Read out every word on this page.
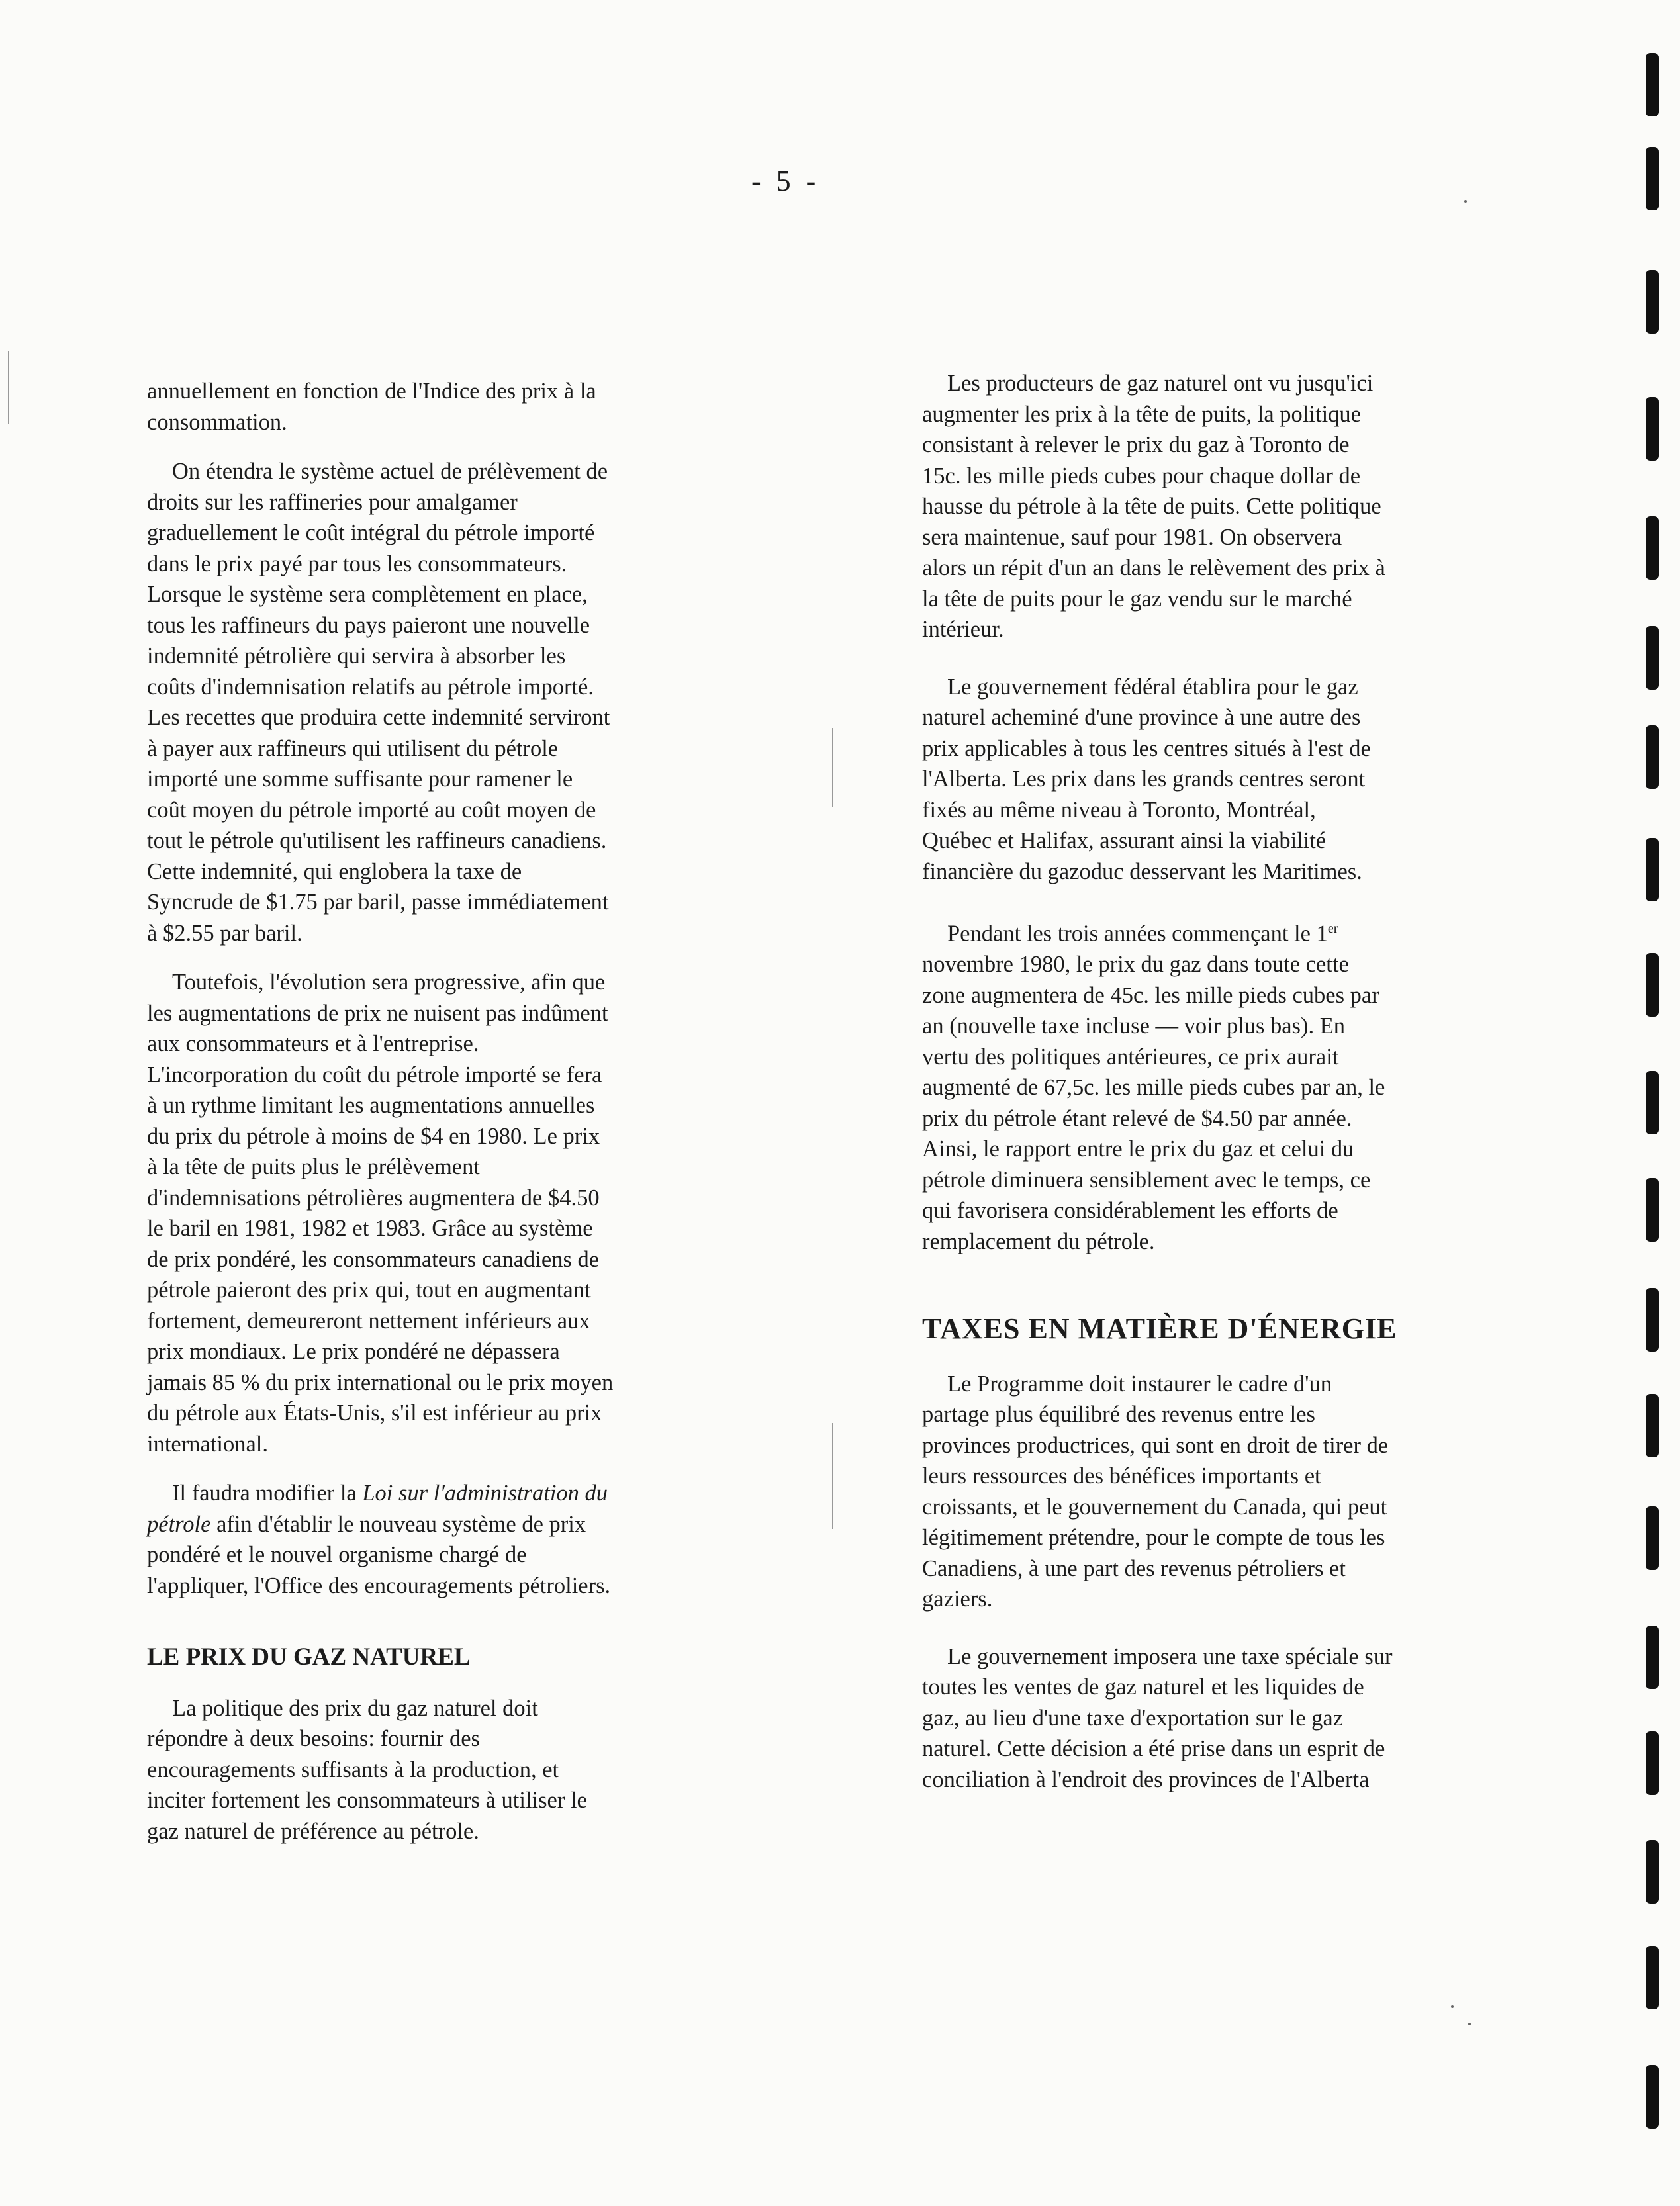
- 5 -
annuellement en fonction de l'Indice des prix à la
consommation.
On étendra le système actuel de prélèvement de
droits sur les raffineries pour amalgamer
graduellement le coût intégral du pétrole importé
dans le prix payé par tous les consommateurs.
Lorsque le système sera complètement en place,
tous les raffineurs du pays paieront une nouvelle
indemnité pétrolière qui servira à absorber les
coûts d'indemnisation relatifs au pétrole importé.
Les recettes que produira cette indemnité serviront
à payer aux raffineurs qui utilisent du pétrole
importé une somme suffisante pour ramener le
coût moyen du pétrole importé au coût moyen de
tout le pétrole qu'utilisent les raffineurs canadiens.
Cette indemnité, qui englobera la taxe de
Syncrude de $1.75 par baril, passe immédiatement
à $2.55 par baril.
Toutefois, l'évolution sera progressive, afin que
les augmentations de prix ne nuisent pas indûment
aux consommateurs et à l'entreprise.
L'incorporation du coût du pétrole importé se fera
à un rythme limitant les augmentations annuelles
du prix du pétrole à moins de $4 en 1980. Le prix
à la tête de puits plus le prélèvement
d'indemnisations pétrolières augmentera de $4.50
le baril en 1981, 1982 et 1983. Grâce au système
de prix pondéré, les consommateurs canadiens de
pétrole paieront des prix qui, tout en augmentant
fortement, demeureront nettement inférieurs aux
prix mondiaux. Le prix pondéré ne dépassera
jamais 85 % du prix international ou le prix moyen
du pétrole aux États-Unis, s'il est inférieur au prix
international.
Il faudra modifier la Loi sur l'administration du
pétrole afin d'établir le nouveau système de prix
pondéré et le nouvel organisme chargé de
l'appliquer, l'Office des encouragements pétroliers.
LE PRIX DU GAZ NATUREL
La politique des prix du gaz naturel doit
répondre à deux besoins: fournir des
encouragements suffisants à la production, et
inciter fortement les consommateurs à utiliser le
gaz naturel de préférence au pétrole.
Les producteurs de gaz naturel ont vu jusqu'ici
augmenter les prix à la tête de puits, la politique
consistant à relever le prix du gaz à Toronto de
15c. les mille pieds cubes pour chaque dollar de
hausse du pétrole à la tête de puits. Cette politique
sera maintenue, sauf pour 1981. On observera
alors un répit d'un an dans le relèvement des prix à
la tête de puits pour le gaz vendu sur le marché
intérieur.
Le gouvernement fédéral établira pour le gaz
naturel acheminé d'une province à une autre des
prix applicables à tous les centres situés à l'est de
l'Alberta. Les prix dans les grands centres seront
fixés au même niveau à Toronto, Montréal,
Québec et Halifax, assurant ainsi la viabilité
financière du gazoduc desservant les Maritimes.
Pendant les trois années commençant le 1er
novembre 1980, le prix du gaz dans toute cette
zone augmentera de 45c. les mille pieds cubes par
an (nouvelle taxe incluse — voir plus bas). En
vertu des politiques antérieures, ce prix aurait
augmenté de 67,5c. les mille pieds cubes par an, le
prix du pétrole étant relevé de $4.50 par année.
Ainsi, le rapport entre le prix du gaz et celui du
pétrole diminuera sensiblement avec le temps, ce
qui favorisera considérablement les efforts de
remplacement du pétrole.
TAXES EN MATIÈRE D'ÉNERGIE
Le Programme doit instaurer le cadre d'un
partage plus équilibré des revenus entre les
provinces productrices, qui sont en droit de tirer de
leurs ressources des bénéfices importants et
croissants, et le gouvernement du Canada, qui peut
légitimement prétendre, pour le compte de tous les
Canadiens, à une part des revenus pétroliers et
gaziers.
Le gouvernement imposera une taxe spéciale sur
toutes les ventes de gaz naturel et les liquides de
gaz, au lieu d'une taxe d'exportation sur le gaz
naturel. Cette décision a été prise dans un esprit de
conciliation à l'endroit des provinces de l'Alberta
